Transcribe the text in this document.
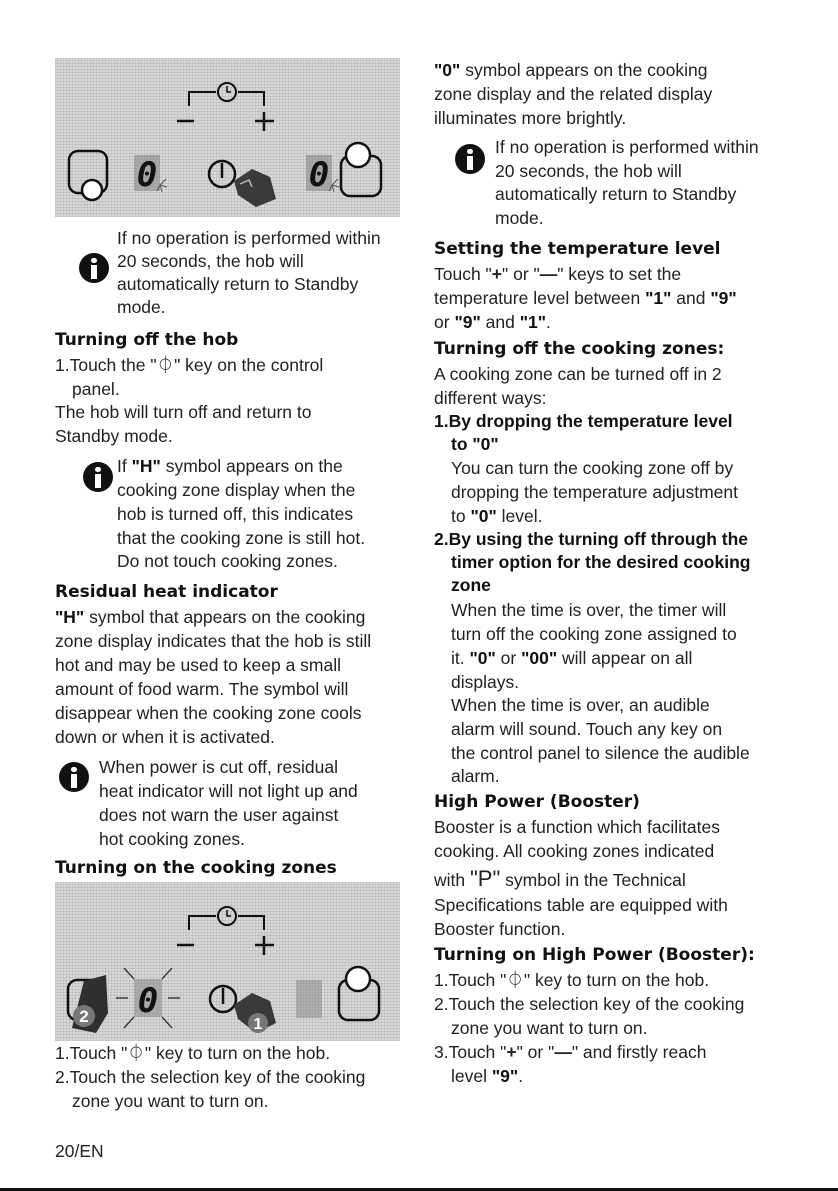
0	0
If no operation is performed within
20 seconds, the hob will
automatically return to Standby
mode.
Turning off the hob
1.Touch the "⏀" key on the control
panel.
The hob will turn off and return to
Standby mode.
If "H" symbol appears on the
cooking zone display when the
hob is turned off, this indicates
that the cooking zone is still hot.
Do not touch cooking zones.
Residual heat indicator
"H" symbol that appears on the cooking
zone display indicates that the hob is still
hot and may be used to keep a small
amount of food warm. The symbol will
disappear when the cooking zone cools
down or when it is activated.
When power is cut off, residual
heat indicator will not light up and
does not warn the user against
hot cooking zones.
Turning on the cooking zones
2 0
1
1.Touch "⏀" key to turn on the hob.
2.Touch the selection key of the cooking
zone you want to turn on.
20/EN
"0" symbol appears on the cooking
zone display and the related display
illuminates more brightly.
If no operation is performed within
20 seconds, the hob will
automatically return to Standby
mode.
Setting the temperature level
Touch "+" or "—" keys to set the
temperature level between "1" and "9"
or "9" and "1".
Turning off the cooking zones:
A cooking zone can be turned off in 2
different ways:
1.By dropping the temperature level
to "0"
You can turn the cooking zone off by
dropping the temperature adjustment
to "0" level.
2.By using the turning off through the
timer option for the desired cooking
zone
When the time is over, the timer will
turn off the cooking zone assigned to
it. "0" or "00" will appear on all
displays.
When the time is over, an audible
alarm will sound. Touch any key on
the control panel to silence the audible
alarm.
High Power (Booster)
Booster is a function which facilitates
cooking. All cooking zones indicated
with "P" symbol in the Technical
Specifications table are equipped with
Booster function.
Turning on High Power (Booster):
1.Touch "⏀" key to turn on the hob.
2.Touch the selection key of the cooking
zone you want to turn on.
3.Touch "+" or "—" and firstly reach
level "9".
